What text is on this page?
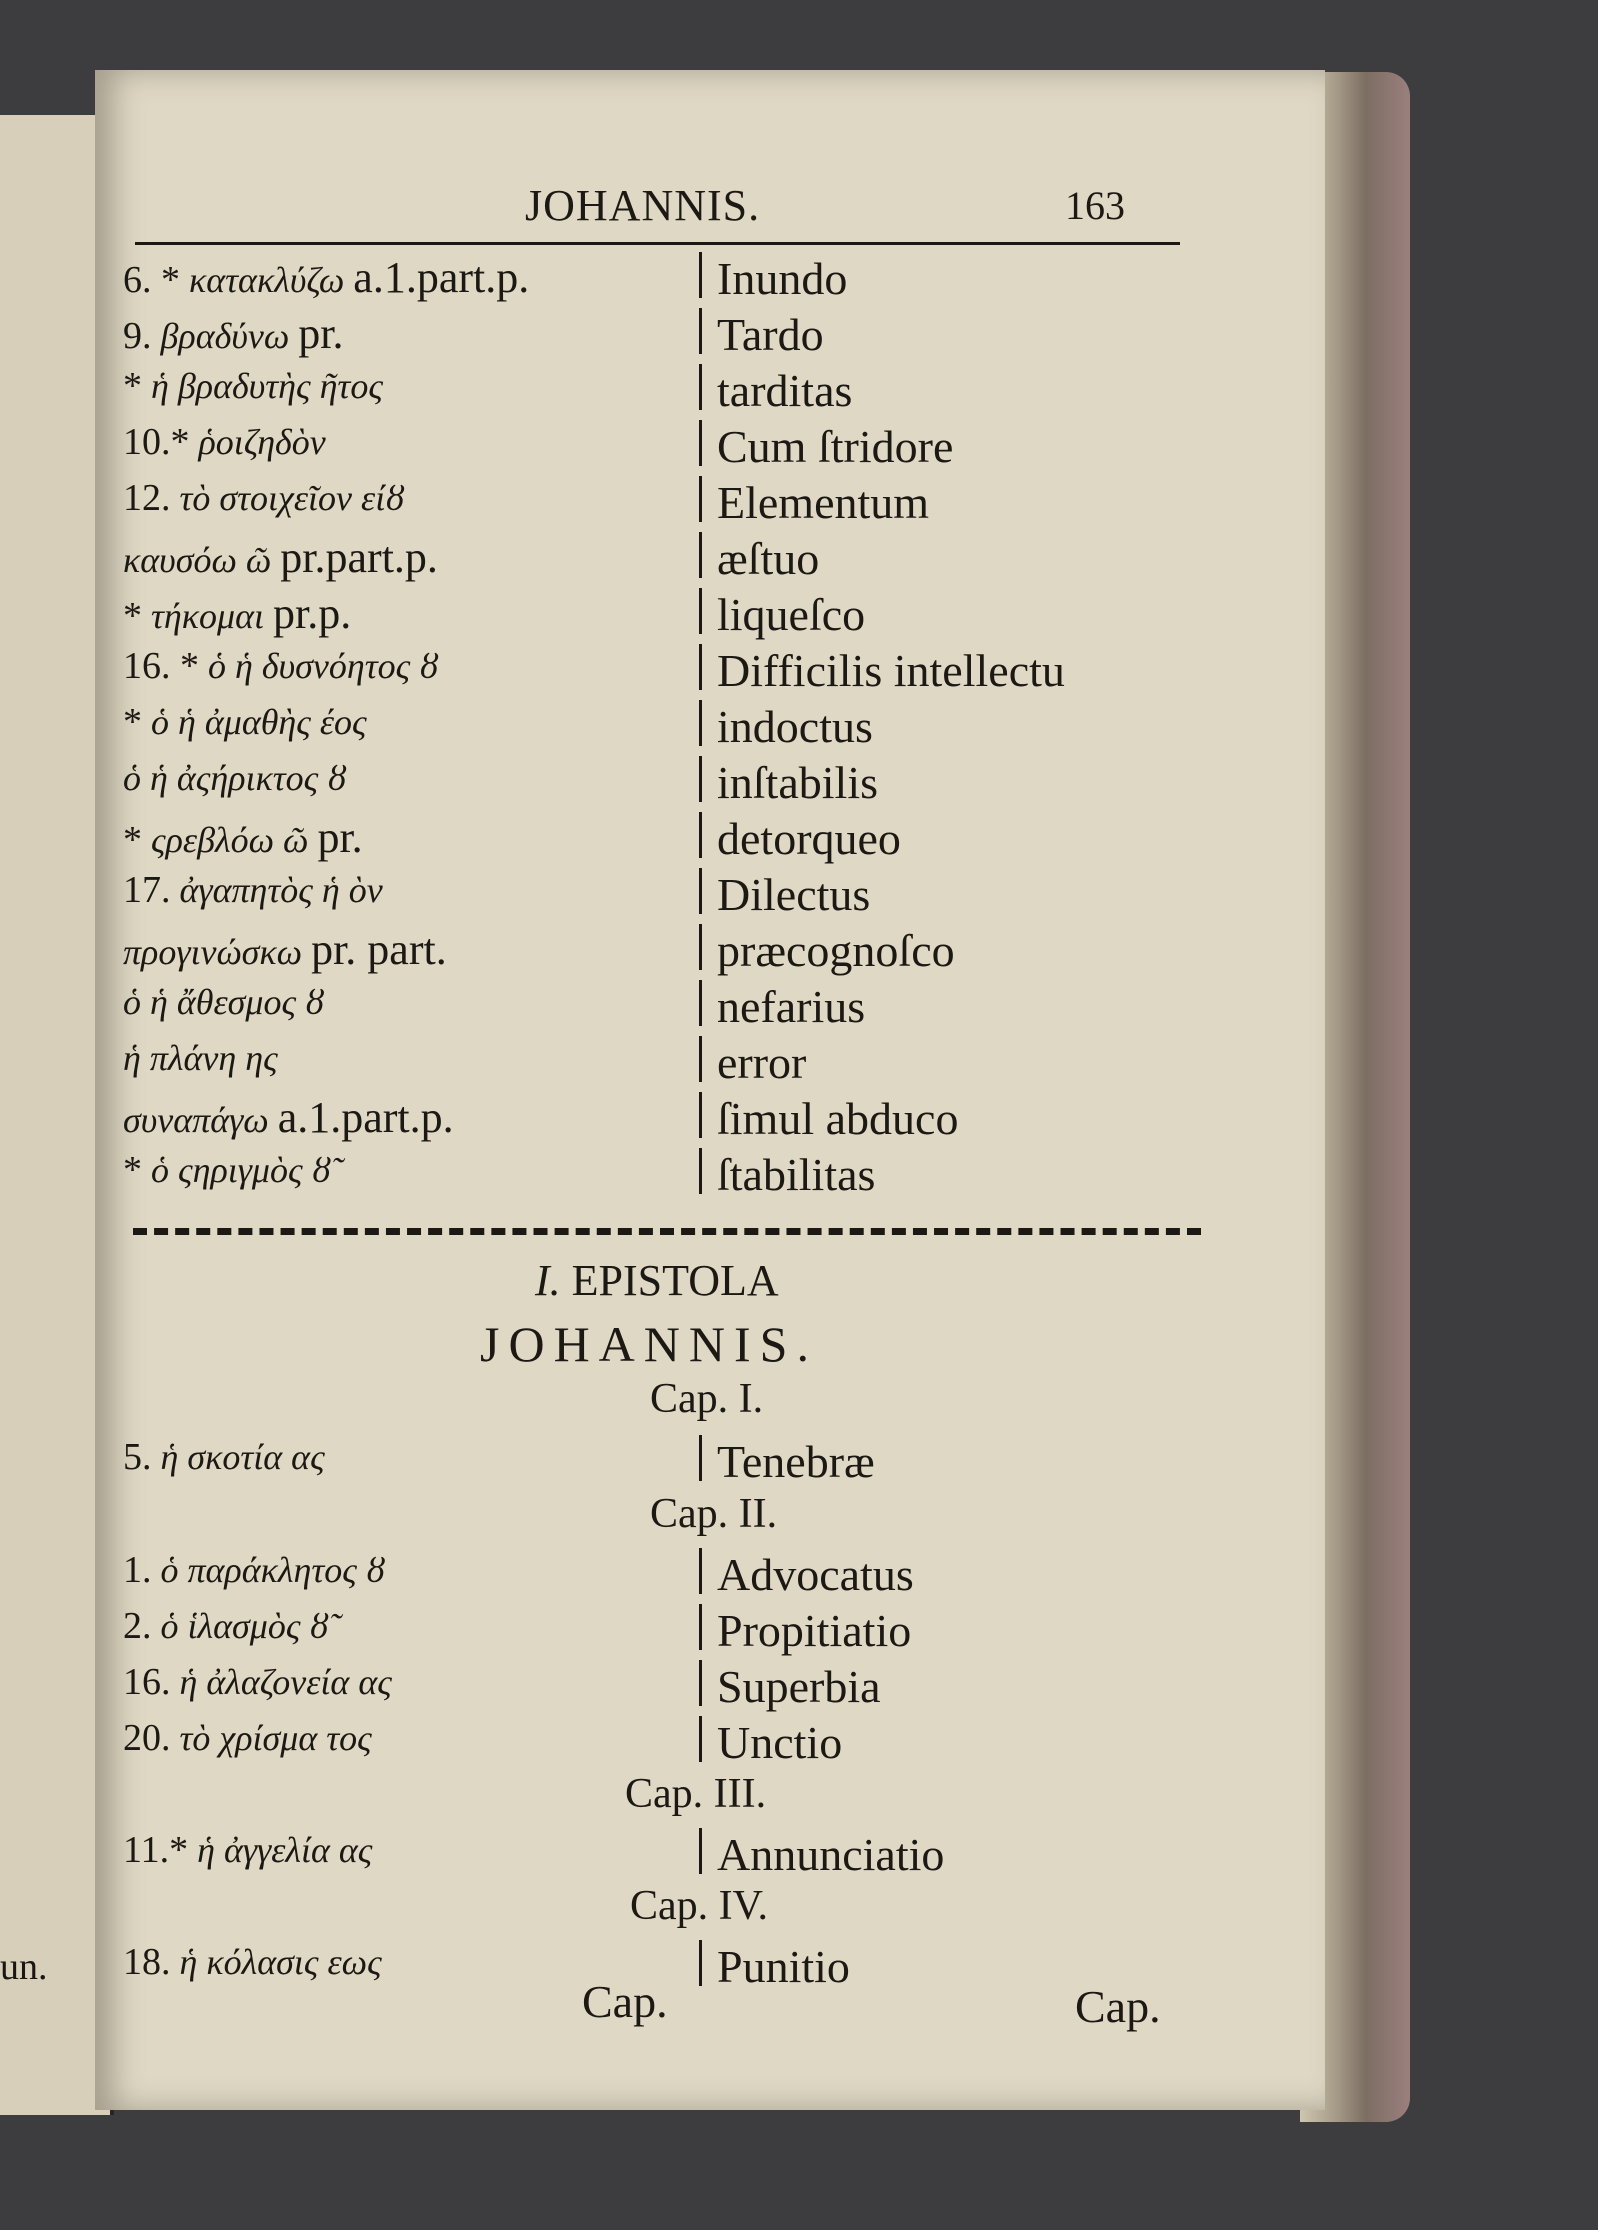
un.
JOHANNIS.	163
6. * κατακλύζω a.1.part.p.	Inundo
9. βραδύνω pr.	Tardo
* ἡ βραδυτὴς ῆτος	tarditas
10.* ῥοιζηδὸν	Cum ſtridore
12. τὸ στοιχεῖον είȣ	Elementum
καυσόω ῶ pr.part.p.	æſtuo
* τήκομαι pr.p.	liqueſco
16. * ὁ ἡ δυσνόητος ȣ	Difficilis intellectu
* ὁ ἡ ἀμαθὴς έος	indoctus
ὁ ἡ ἀςήρικτος ȣ	inſtabilis
* ςρεβλόω ῶ pr.	detorqueo
17. ἀγαπητὸς ἡ ὸν	Dilectus
προγινώσκω pr. part.	præcognoſco
ὁ ἡ ἄθεσμος ȣ	nefarius
ἡ πλάνη ης	error
συναπάγω a.1.part.p.	ſimul abduco
* ὁ ςηριγμὸς ȣ̃	ſtabilitas
I. EPISTOLA
JOHANNIS.
Cap. I.
5. ἡ σκοτία ας	Tenebræ
Cap. II.
1. ὁ παράκλητος ȣ	Advocatus
2. ὁ ἱλασμὸς ȣ̃	Propitiatio
16. ἡ ἀλαζονεία ας	Superbia
20. τὸ χρίσμα τος	Unctio
Cap. III.
11.* ἡ ἀγγελία ας	Annunciatio
Cap. IV.
18. ἡ κόλασις εως	Punitio
Cap.	Cap.
